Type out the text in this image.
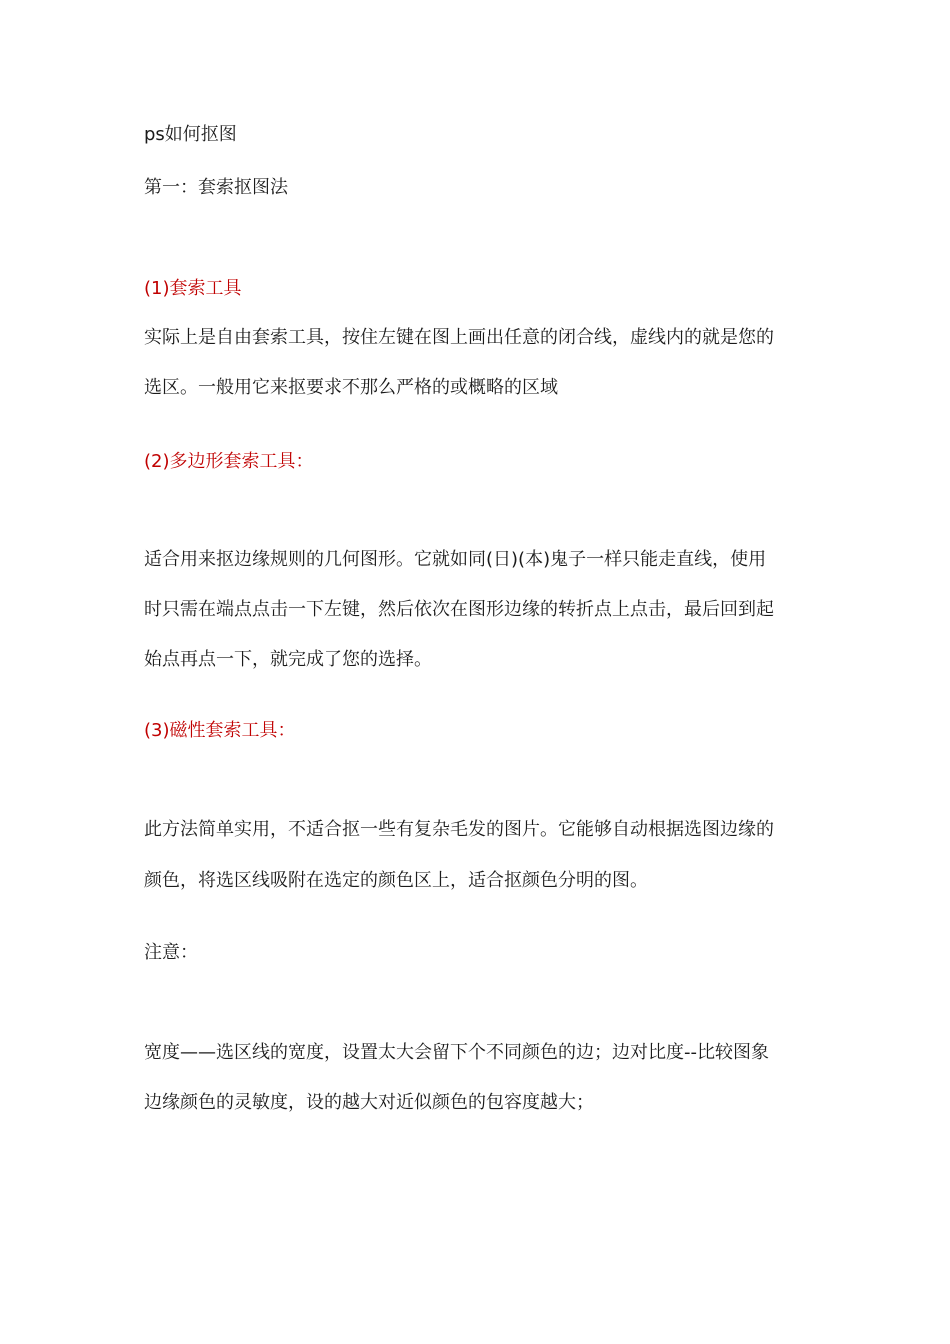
ps如何抠图
第一：套索抠图法
(1)套索工具
实际上是自由套索工具，按住左键在图上画出任意的闭合线，虚线内的就是您的
选区。一般用它来抠要求不那么严格的或概略的区域
(2)多边形套索工具：
适合用来抠边缘规则的几何图形。它就如同(日)(本)鬼子一样只能走直线，使用
时只需在端点点击一下左键，然后依次在图形边缘的转折点上点击，最后回到起
始点再点一下，就完成了您的选择。
(3)磁性套索工具：
此方法简单实用，不适合抠一些有复杂毛发的图片。它能够自动根据选图边缘的
颜色，将选区线吸附在选定的颜色区上，适合抠颜色分明的图。
注意：
宽度——选区线的宽度，设置太大会留下个不同颜色的边；边对比度--比较图象
边缘颜色的灵敏度，设的越大对近似颜色的包容度越大；
